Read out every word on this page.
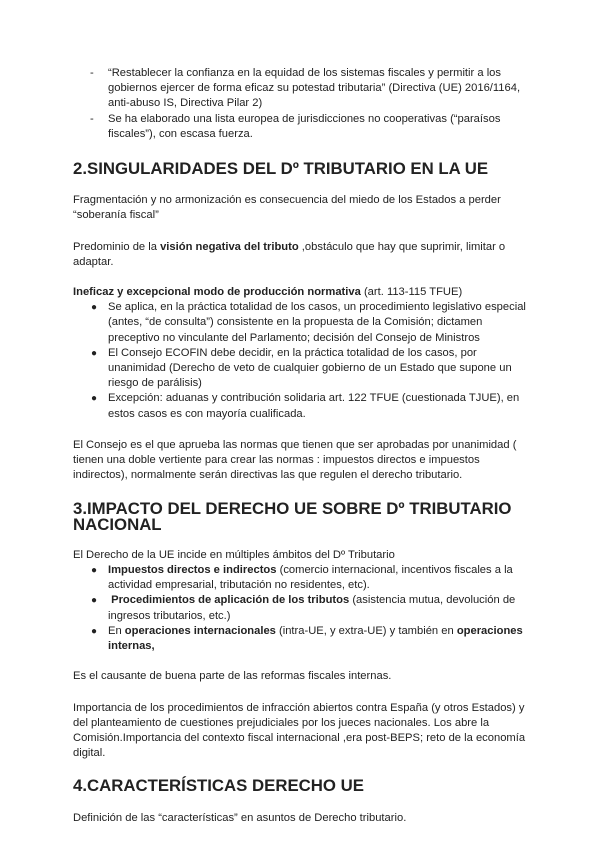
- “Restablecer la confianza en la equidad de los sistemas fiscales y permitir a los gobiernos ejercer de forma eficaz su potestad tributaria” (Directiva (UE) 2016/1164, anti-abuso IS, Directiva Pilar 2)
- Se ha elaborado una lista europea de jurisdicciones no cooperativas (“paraísos fiscales”), con escasa fuerza.
2.SINGULARIDADES DEL Dº TRIBUTARIO EN LA UE

Fragmentación y no armonización es consecuencia del miedo de los Estados a perder “soberanía fiscal”

Predominio de la visión negativa del tributo ,obstáculo que hay que suprimir, limitar o adaptar.

Ineficaz y excepcional modo de producción normativa (art. 113-115 TFUE)

● Se aplica, en la práctica totalidad de los casos, un procedimiento legislativo especial (antes, “de consulta”) consistente en la propuesta de la Comisión; dictamen preceptivo no vinculante del Parlamento; decisión del Consejo de Ministros
● El Consejo ECOFIN debe decidir, en la práctica totalidad de los casos, por unanimidad (Derecho de veto de cualquier gobierno de un Estado que supone un riesgo de parálisis)
● Excepción: aduanas y contribución solidaria art. 122 TFUE (cuestionada TJUE), en estos casos es con mayoría cualificada.

El Consejo es el que aprueba las normas que tienen que ser aprobadas por unanimidad ( tienen una doble vertiente para crear las normas : impuestos directos e impuestos indirectos), normalmente serán directivas las que regulen el derecho tributario.

3.IMPACTO DEL DERECHO UE SOBRE Dº TRIBUTARIO NACIONAL

El Derecho de la UE incide en múltiples ámbitos del Dº Tributario

● Impuestos directos e indirectos (comercio internacional, incentivos fiscales a la actividad empresarial, tributación no residentes, etc).
● Procedimientos de aplicación de los tributos (asistencia mutua, devolución de ingresos tributarios, etc.)
● En operaciones internacionales (intra-UE, y extra-UE) y también en operaciones internas,

Es el causante de buena parte de las reformas fiscales internas.

Importancia de los procedimientos de infracción abiertos contra España (y otros Estados) y del planteamiento de cuestiones prejudiciales por los jueces nacionales. Los abre la Comisión.Importancia del contexto fiscal internacional ,era post-BEPS; reto de la economía digital.

4.CARACTERÍSTICAS DERECHO UE

Definición de las “características” en asuntos de Derecho tributario.
